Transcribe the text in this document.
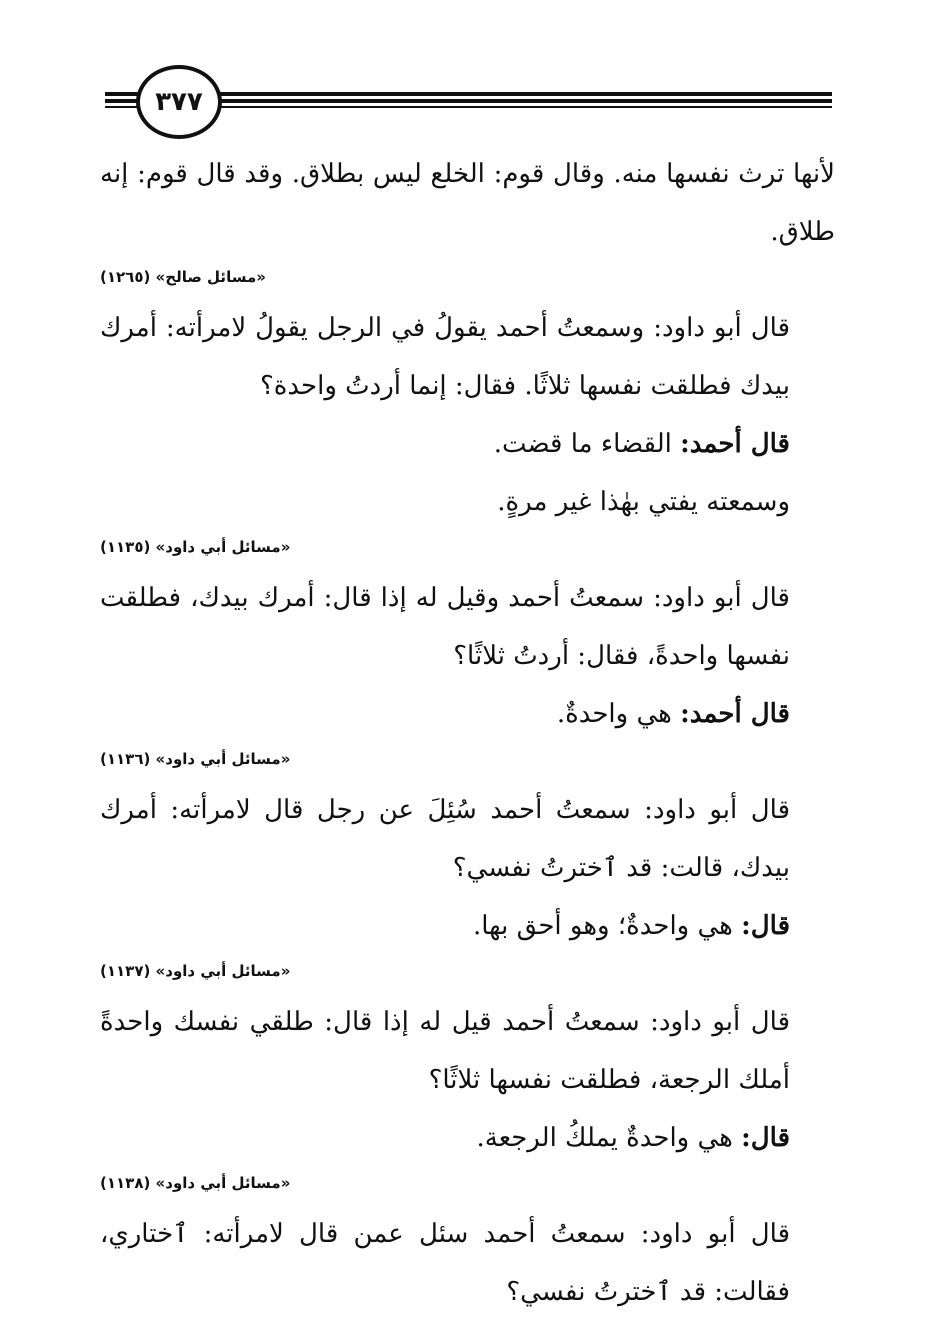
٣٧٧

لأنها ترث نفسها منه. وقال قوم: الخلع ليس بطلاق. وقد قال قوم: إنه طلاق.

«مسائل صالح» (١٢٦٥)

قال أبو داود: وسمعتُ أحمد يقولُ في الرجل يقولُ لامرأته: أمرك بيدك فطلقت نفسها ثلاثًا. فقال: إنما أردتُ واحدة؟

قال أحمد: القضاء ما قضت.

وسمعته يفتي بهٰذا غير مرةٍ.

«مسائل أبي داود» (١١٣٥)

قال أبو داود: سمعتُ أحمد وقيل له إذا قال: أمرك بيدك، فطلقت نفسها واحدةً، فقال: أردتُ ثلاثًا؟

قال أحمد: هي واحدةٌ.

«مسائل أبي داود» (١١٣٦)

قال أبو داود: سمعتُ أحمد سُئِلَ عن رجل قال لامرأته: أمرك بيدك، قالت: قد ٱخترتُ نفسي؟

قال: هي واحدةٌ؛ وهو أحق بها.

«مسائل أبي داود» (١١٣٧)

قال أبو داود: سمعتُ أحمد قيل له إذا قال: طلقي نفسك واحدةً أملك الرجعة، فطلقت نفسها ثلاثًا؟

قال: هي واحدةٌ يملكُ الرجعة.

«مسائل أبي داود» (١١٣٨)

قال أبو داود: سمعتُ أحمد سئل عمن قال لامرأته: ٱختاري، فقالت: قد ٱخترتُ نفسي؟
